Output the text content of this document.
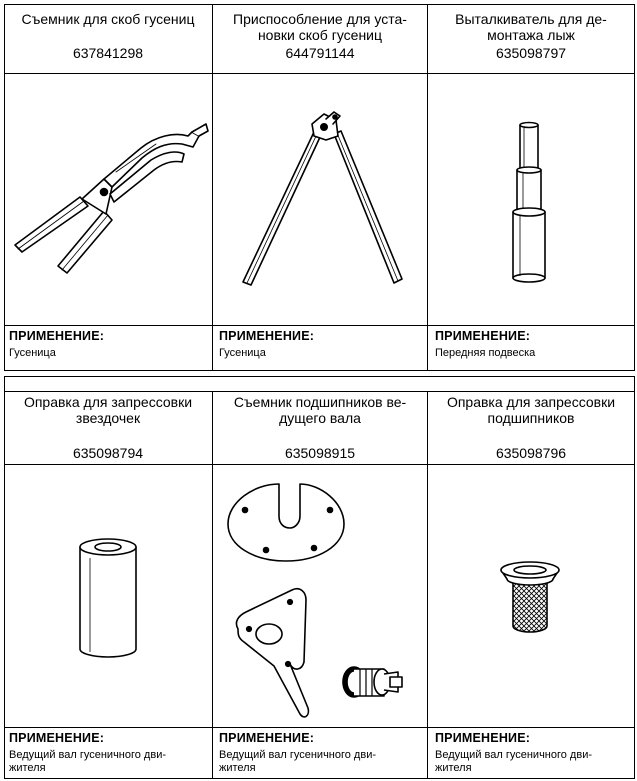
Съемник для скоб гусениц
637841298
ПРИМЕНЕНИЕ:
Гусеница
Приспособление для уста-
новки скоб гусениц
644791144
ПРИМЕНЕНИЕ:
Гусеница
Выталкиватель для де-
монтажа лыж
635098797
ПРИМЕНЕНИЕ:
Передняя подвеска
Оправка для запрессовки
звездочек
635098794
ПРИМЕНЕНИЕ:
Ведущий вал гусеничного дви-
жителя
Съемник подшипников ве-
дущего вала
635098915
ПРИМЕНЕНИЕ:
Ведущий вал гусеничного дви-
жителя
Оправка для запрессовки
подшипников
635098796
ПРИМЕНЕНИЕ:
Ведущий вал гусеничного дви-
жителя
